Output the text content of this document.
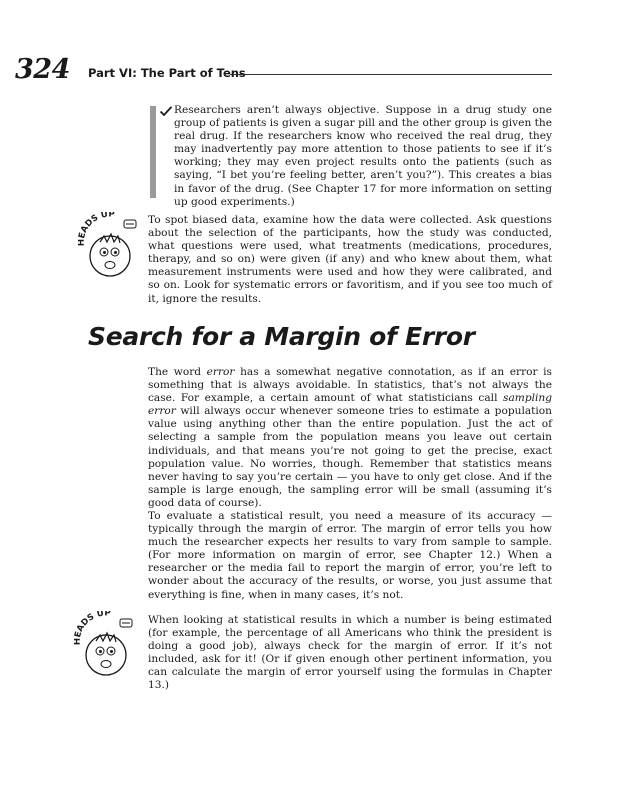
324 Part VI: The Part of Tens

Researchers aren’t always objective. Suppose in a drug study one group of patients is given a sugar pill and the other group is given the real drug. If the researchers know who received the real drug, they may inadvertently pay more attention to those patients to see if it’s working; they may even project results onto the patients (such as saying, “I bet you’re feeling better, aren’t you?”). This creates a bias in favor of the drug. (See Chapter 17 for more information on setting up good experiments.)

EADS UP	To spot biased data, examine how the data were collected. Ask questions about the selection of the participants, how the study was conducted, what questions were used, what treatments (medications, procedures, therapy, and so on) were given (if any) and who knew about them, what measurement instruments were used and how they were calibrated, and so on. Look for systematic errors or favoritism, and if you see too much of it, ignore the results.

Search for a Margin of Error

The word error has a somewhat negative connotation, as if an error is something that is always avoidable. In statistics, that’s not always the case. For example, a certain amount of what statisticians call sampling error will always occur whenever someone tries to estimate a population value using anything other than the entire population. Just the act of selecting a sample from the population means you leave out certain individuals, and that means you’re not going to get the precise, exact population value. No worries, though. Remember that statistics means never having to say you’re certain — you have to only get close. And if the sample is large enough, the sampling error will be small (assuming it’s good data of course).

To evaluate a statistical result, you need a measure of its accuracy — typically through the margin of error. The margin of error tells you how much the researcher expects her results to vary from sample to sample. (For more information on margin of error, see Chapter 12.) When a researcher or the media fail to report the margin of error, you’re left to wonder about the accuracy of the results, or worse, you just assume that everything is fine, when in many cases, it’s not.

EADS UP

When looking at statistical results in which a number is being estimated (for example, the percentage of all Americans who think the president is doing a good job), always check for the margin of error. If it’s not included, ask for it! (Or if given enough other pertinent information, you can calculate the margin of error yourself using the formulas in Chapter 13.)
